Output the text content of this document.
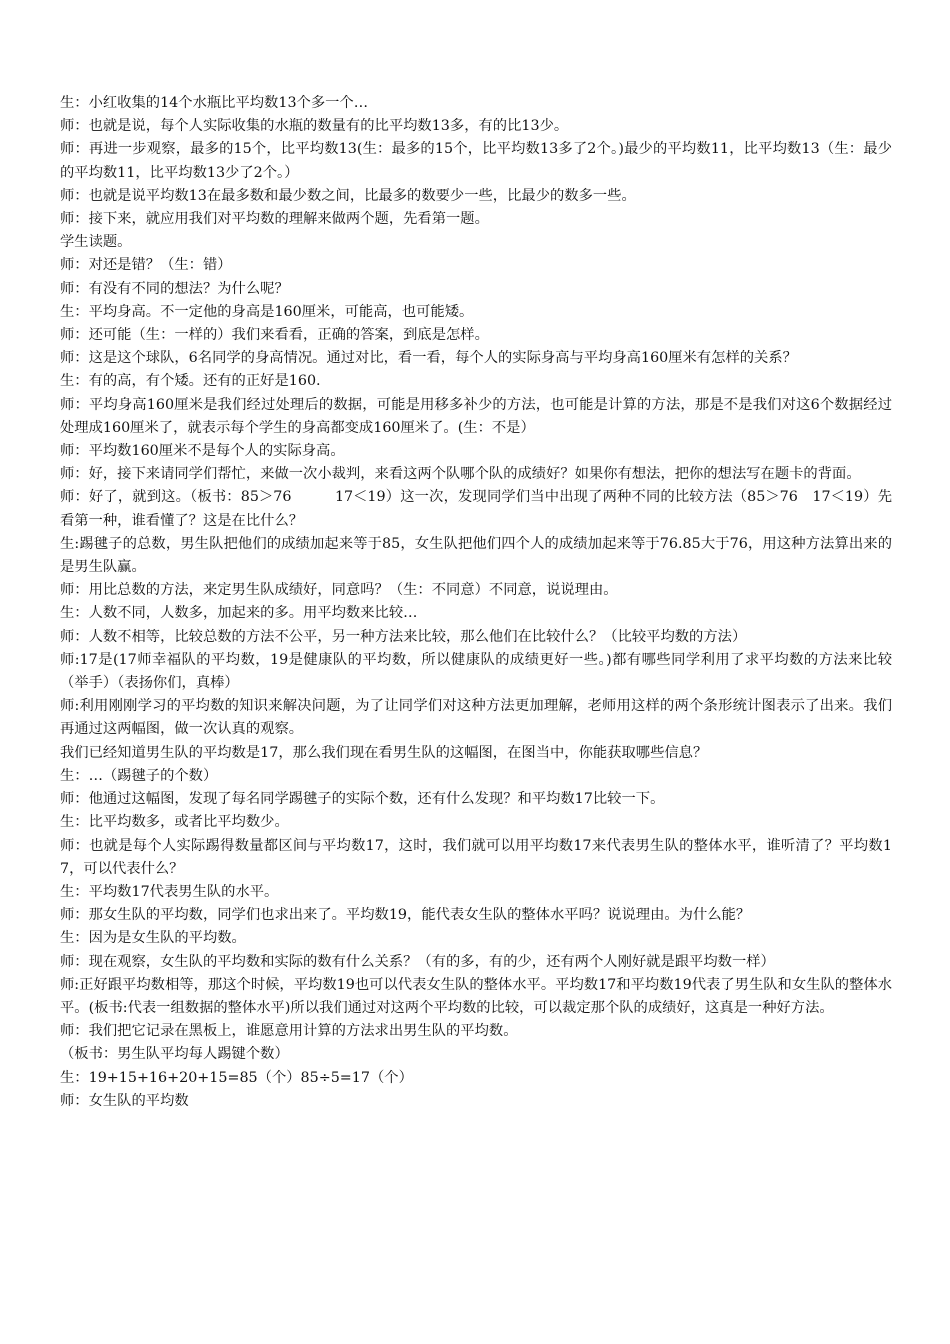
生：小红收集的14个水瓶比平均数13个多一个…

师：也就是说，每个人实际收集的水瓶的数量有的比平均数13多，有的比13少。

师：再进一步观察，最多的15个，比平均数13(生：最多的15个，比平均数13多了2个。)最少的平均数11，比平均数13（生：最少的平均数11，比平均数13少了2个。）

师：也就是说平均数13在最多数和最少数之间，比最多的数要少一些，比最少的数多一些。

师：接下来，就应用我们对平均数的理解来做两个题，先看第一题。

学生读题。

师：对还是错？（生：错）

师：有没有不同的想法？为什么呢？

生：平均身高。不一定他的身高是160厘米，可能高，也可能矮。

师：还可能（生：一样的）我们来看看，正确的答案，到底是怎样。

师：这是这个球队，6名同学的身高情况。通过对比，看一看，每个人的实际身高与平均身高160厘米有怎样的关系？

生：有的高，有个矮。还有的正好是160.

师：平均身高160厘米是我们经过处理后的数据，可能是用移多补少的方法，也可能是计算的方法，那是不是我们对这6个数据经过处理成160厘米了，就表示每个学生的身高都变成160厘米了。(生：不是）

师：平均数160厘米不是每个人的实际身高。

师：好，接下来请同学们帮忙，来做一次小裁判，来看这两个队哪个队的成绩好？如果你有想法，把你的想法写在题卡的背面。

师：好了，就到这。（板书：85＞76　　　17＜19）这一次，发现同学们当中出现了两种不同的比较方法（85＞76　17＜19）先看第一种，谁看懂了？这是在比什么？

生:踢毽子的总数，男生队把他们的成绩加起来等于85，女生队把他们四个人的成绩加起来等于76.85大于76，用这种方法算出来的是男生队赢。

师：用比总数的方法，来定男生队成绩好，同意吗？（生：不同意）不同意，说说理由。

生：人数不同，人数多，加起来的多。用平均数来比较…

师：人数不相等，比较总数的方法不公平，另一种方法来比较，那么他们在比较什么？（比较平均数的方法）

师:17是(17师幸福队的平均数，19是健康队的平均数，所以健康队的成绩更好一些。)都有哪些同学利用了求平均数的方法来比较（举手）（表扬你们，真棒）

师:利用刚刚学习的平均数的知识来解决问题，为了让同学们对这种方法更加理解，老师用这样的两个条形统计图表示了出来。我们再通过这两幅图，做一次认真的观察。

我们已经知道男生队的平均数是17，那么我们现在看男生队的这幅图，在图当中，你能获取哪些信息？

生：…（踢毽子的个数）

师：他通过这幅图，发现了每名同学踢毽子的实际个数，还有什么发现？和平均数17比较一下。

生：比平均数多，或者比平均数少。

师：也就是每个人实际踢得数量都区间与平均数17，这时，我们就可以用平均数17来代表男生队的整体水平，谁听清了？平均数17，可以代表什么？

生：平均数17代表男生队的水平。

师：那女生队的平均数，同学们也求出来了。平均数19，能代表女生队的整体水平吗？说说理由。为什么能？

生：因为是女生队的平均数。

师：现在观察，女生队的平均数和实际的数有什么关系？（有的多，有的少，还有两个人刚好就是跟平均数一样）

师:正好跟平均数相等，那这个时候，平均数19也可以代表女生队的整体水平。平均数17和平均数19代表了男生队和女生队的整体水平。(板书:代表一组数据的整体水平)所以我们通过对这两个平均数的比较，可以裁定那个队的成绩好，这真是一种好方法。

师：我们把它记录在黑板上，谁愿意用计算的方法求出男生队的平均数。

（板书：男生队平均每人踢键个数）

生：19+15+16+20+15=85（个）85÷5=17（个）

师：女生队的平均数
